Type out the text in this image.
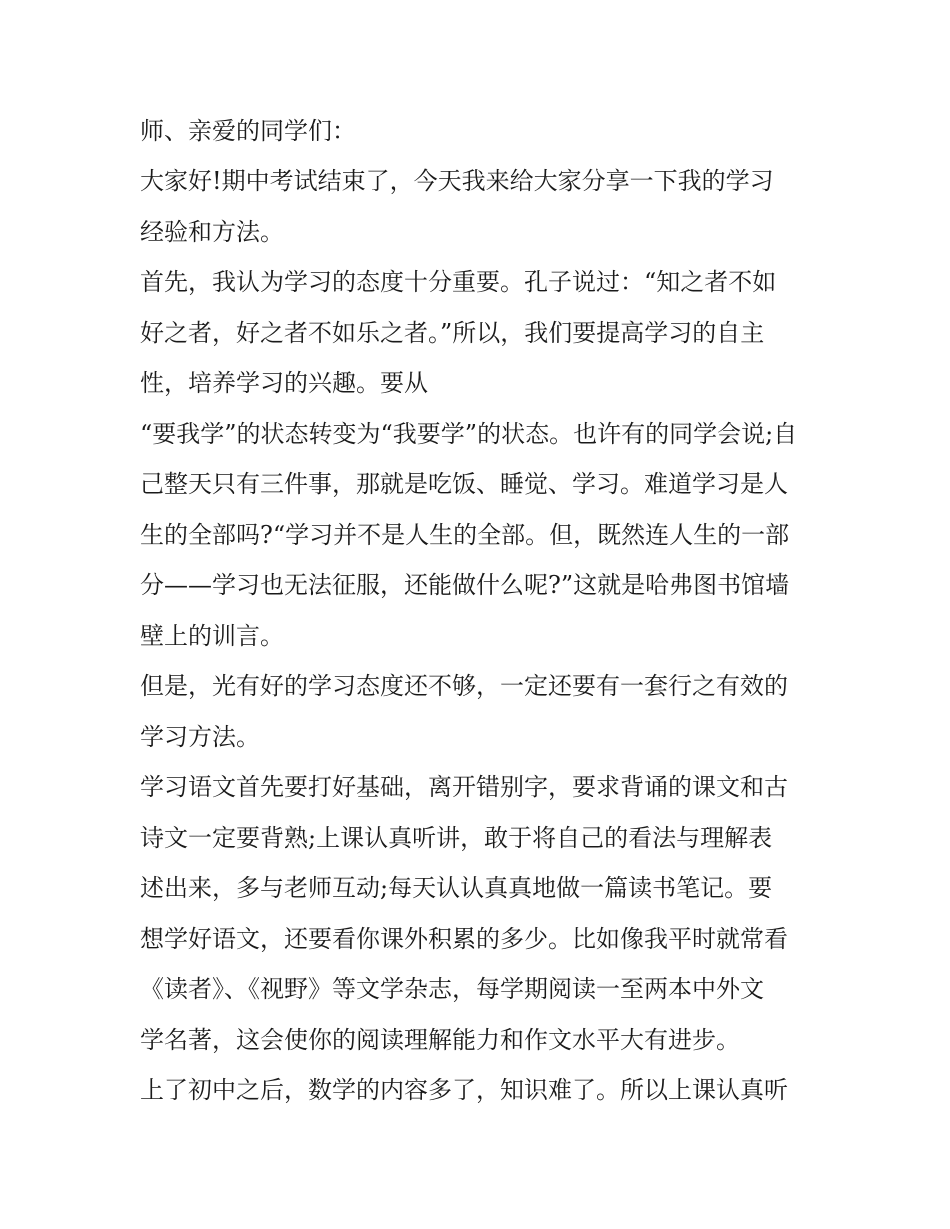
师、亲爱的同学们：

大家好!期中考试结束了，今天我来给大家分享一下我的学习

经验和方法。

首先，我认为学习的态度十分重要。孔子说过：“知之者不如

好之者，好之者不如乐之者。”所以，我们要提高学习的自主

性，培养学习的兴趣。要从

“要我学”的状态转变为“我要学”的状态。也许有的同学会说;自

己整天只有三件事，那就是吃饭、睡觉、学习。难道学习是人

生的全部吗?“学习并不是人生的全部。但，既然连人生的一部

分——学习也无法征服，还能做什么呢?”这就是哈弗图书馆墙

壁上的训言。

但是，光有好的学习态度还不够，一定还要有一套行之有效的

学习方法。

学习语文首先要打好基础，离开错别字，要求背诵的课文和古

诗文一定要背熟;上课认真听讲，敢于将自己的看法与理解表

述出来，多与老师互动;每天认认真真地做一篇读书笔记。要

想学好语文，还要看你课外积累的多少。比如像我平时就常看

《读者》、《视野》等文学杂志，每学期阅读一至两本中外文

学名著，这会使你的阅读理解能力和作文水平大有进步。

上了初中之后，数学的内容多了，知识难了。所以上课认真听
